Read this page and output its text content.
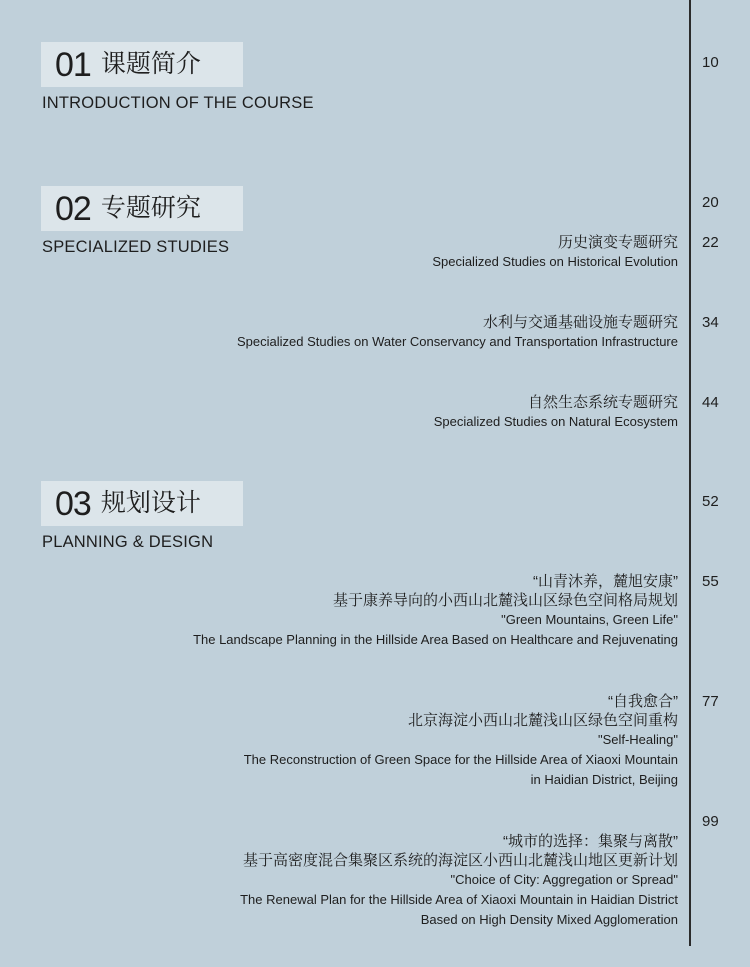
01 课题简介
INTRODUCTION OF THE COURSE
10
02 专题研究
SPECIALIZED STUDIES
20
历史演变专题研究
Specialized Studies on Historical Evolution
22
水利与交通基础设施专题研究
Specialized Studies on Water Conservancy and Transportation Infrastructure
34
自然生态系统专题研究
Specialized Studies on Natural Ecosystem
44
03 规划设计
PLANNING & DESIGN
52
“山青沐养，麓旭安康”
基于康养导向的小西山北麓浅山区绿色空间格局规划
"Green Mountains, Green Life"
The Landscape Planning in the Hillside Area Based on Healthcare and Rejuvenating
55
“自我愈合”
北京海淀小西山北麓浅山区绿色空间重构
"Self-Healing"
The Reconstruction of Green Space for the Hillside Area of Xiaoxi Mountain
in Haidian District, Beijing
77
“城市的选择：集聚与离散”
基于高密度混合集聚区系统的海淀区小西山北麓浅山地区更新计划
"Choice of City: Aggregation or Spread"
The Renewal Plan for the Hillside Area of Xiaoxi Mountain in Haidian District
Based on High Density Mixed Agglomeration
99
